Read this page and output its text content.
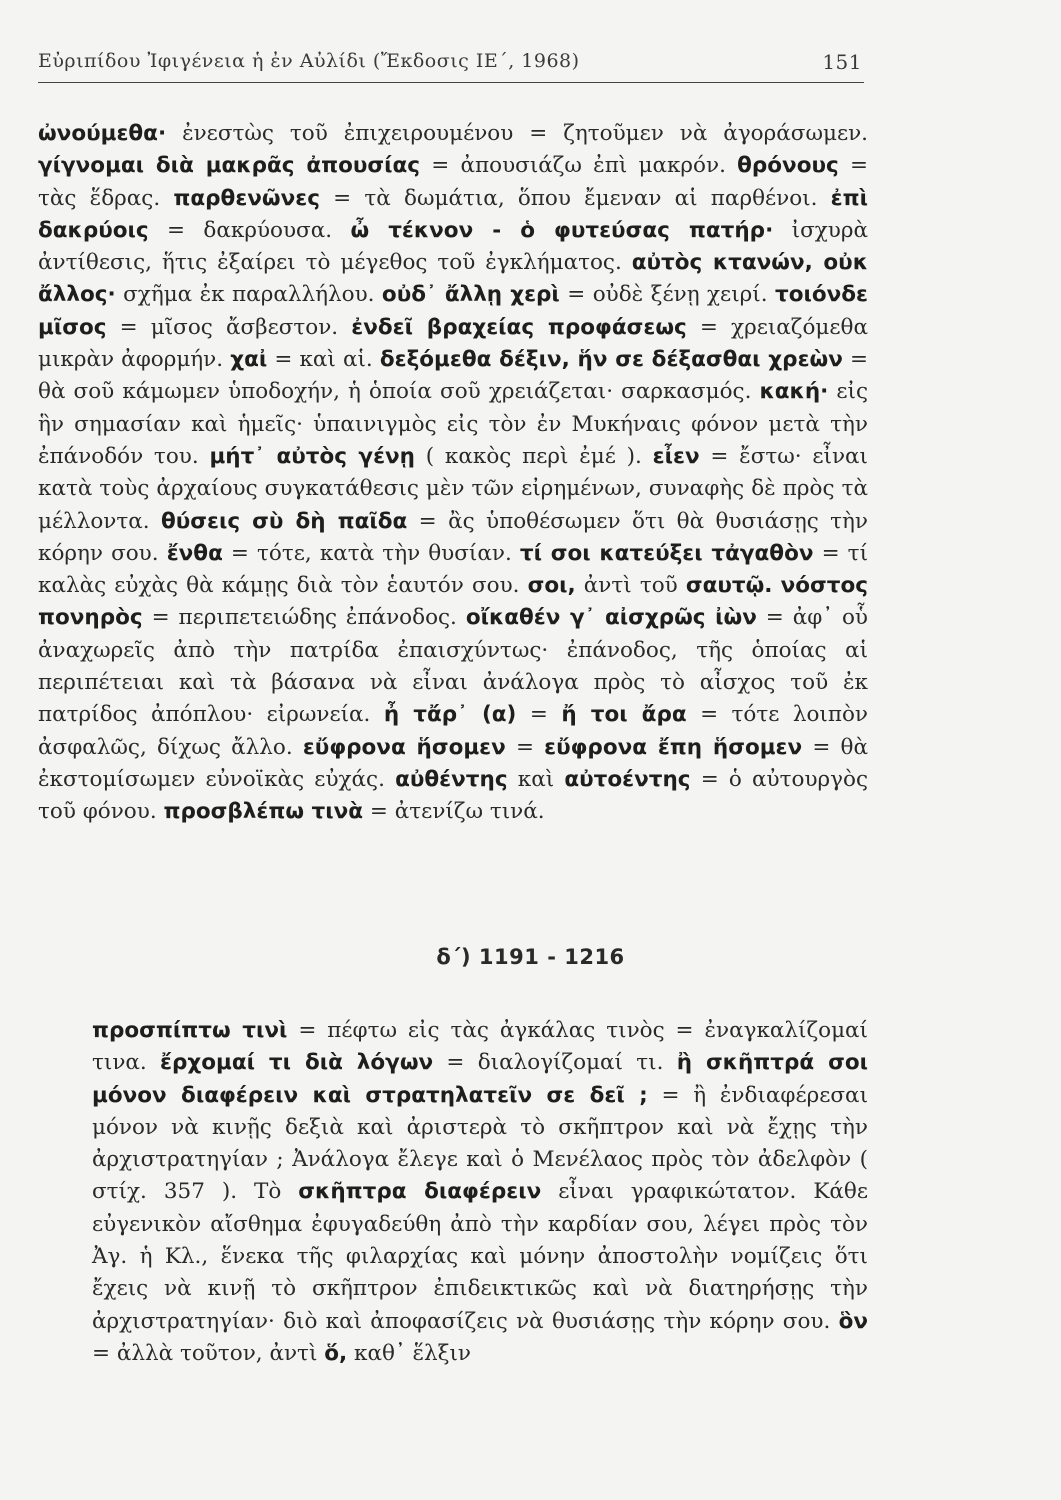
Εὐριπίδου Ἰφιγένεια ἡ ἐν Αὐλίδι (Ἔκδοσις ΙΕ΄, 1968)	151

ὠνούμεθα· ἐνεστὼς τοῦ ἐπιχειρουμένου = ζητοῦμεν νὰ ἀγοράσωμεν. γίγνομαι διὰ μακρᾶς ἀπουσίας = ἀπουσιάζω ἐπὶ μακρόν. θρόνους = τὰς ἕδρας. παρθενῶνες = τὰ δωμάτια, ὅπου ἔμεναν αἱ παρθένοι. ἐπὶ δακρύοις = δακρύουσα. ὦ τέκνον - ὁ φυτεύσας πατήρ· ἰσχυρὰ ἀντίθεσις, ἥτις ἐξαίρει τὸ μέγεθος τοῦ ἐγκλήματος. αὐτὸς κτανών, οὐκ ἄλλος· σχῆμα ἐκ παραλλήλου. οὐδ᾽ ἄλλῃ χερὶ = οὐδὲ ξένῃ χειρί. τοιόνδε μῖσος = μῖσος ἄσβεστον. ἐνδεῖ βραχείας προφάσεως = χρειαζόμεθα μικρὰν ἀφορμήν. χαἰ = καὶ αἱ. δεξόμεθα δέξιν, ἥν σε δέξασθαι χρεὼν = θὰ σοῦ κάμωμεν ὑποδοχήν, ἡ ὁποία σοῦ χρειάζεται· σαρκασμός. κακή· εἰς ἣν σημασίαν καὶ ἡμεῖς· ὑπαινιγμὸς εἰς τὸν ἐν Μυκήναις φόνον μετὰ τὴν ἐπάνοδόν του. μήτ᾽ αὐτὸς γένῃ ( κακὸς περὶ ἐμέ ). εἶεν = ἔστω· εἶναι κατὰ τοὺς ἀρχαίους συγκατάθεσις μὲν τῶν εἰρημένων, συναφὴς δὲ πρὸς τὰ μέλλοντα. θύσεις σὺ δὴ παῖδα = ἂς ὑποθέσωμεν ὅτι θὰ θυσιάσῃς τὴν κόρην σου. ἔνθα = τότε, κατὰ τὴν θυσίαν. τί σοι κατεύξει τἀγαθὸν = τί καλὰς εὐχὰς θὰ κάμῃς διὰ τὸν ἑαυτόν σου. σοι, ἀντὶ τοῦ σαυτῷ. νόστος πονηρὸς = περιπετειώδης ἐπάνοδος. οἴκαθέν γ᾽ αἰσχρῶς ἰὼν = ἀφ᾽ οὗ ἀναχωρεῖς ἀπὸ τὴν πατρίδα ἐπαισχύντως· ἐπάνοδος, τῆς ὁποίας αἱ περιπέτειαι καὶ τὰ βάσανα νὰ εἶναι ἀνάλογα πρὸς τὸ αἶσχος τοῦ ἐκ πατρίδος ἀπόπλου· εἰρωνεία. ἦ τἄρ᾽ (α) = ἤ τοι ἄρα = τότε λοιπὸν ἀσφαλῶς, δίχως ἄλλο. εὔφρονα ἥσομεν = εὔφρονα ἔπη ἥσομεν = θὰ ἐκστομίσωμεν εὐνοϊκὰς εὐχάς. αὐθέντης καὶ αὐτοέντης = ὁ αὐτουργὸς τοῦ φόνου. προσβλέπω τινὰ = ἀτενίζω τινά.

δ΄) 1191 - 1216

προσπίπτω τινὶ = πέφτω εἰς τὰς ἀγκάλας τινὸς = ἐναγκαλίζομαί τινα. ἔρχομαί τι διὰ λόγων = διαλογίζομαί τι. ἢ σκῆπτρά σοι μόνον διαφέρειν καὶ στρατηλατεῖν σε δεῖ ; = ἢ ἐνδιαφέρεσαι μόνον νὰ κινῇς δεξιὰ καὶ ἀριστερὰ τὸ σκῆπτρον καὶ νὰ ἔχῃς τὴν ἀρχιστρατηγίαν ; Ἀνάλογα ἔλεγε καὶ ὁ Μενέλαος πρὸς τὸν ἀδελφὸν ( στίχ. 357 ). Τὸ σκῆπτρα διαφέρειν εἶναι γραφικώτατον. Κάθε εὐγενικὸν αἴσθημα ἐφυγαδεύθη ἀπὸ τὴν καρδίαν σου, λέγει πρὸς τὸν Ἀγ. ἡ Κλ., ἕνεκα τῆς φιλαρχίας καὶ μόνην ἀποστολὴν νομίζεις ὅτι ἔχεις νὰ κινῇ τὸ σκῆπτρον ἐπιδεικτικῶς καὶ νὰ διατηρήσῃς τὴν ἀρχιστρατηγίαν· διὸ καὶ ἀποφασίζεις νὰ θυσιάσῃς τὴν κόρην σου. ὃν = ἀλλὰ τοῦτον, ἀντὶ ὅ, καθ᾽ ἕλξιν
